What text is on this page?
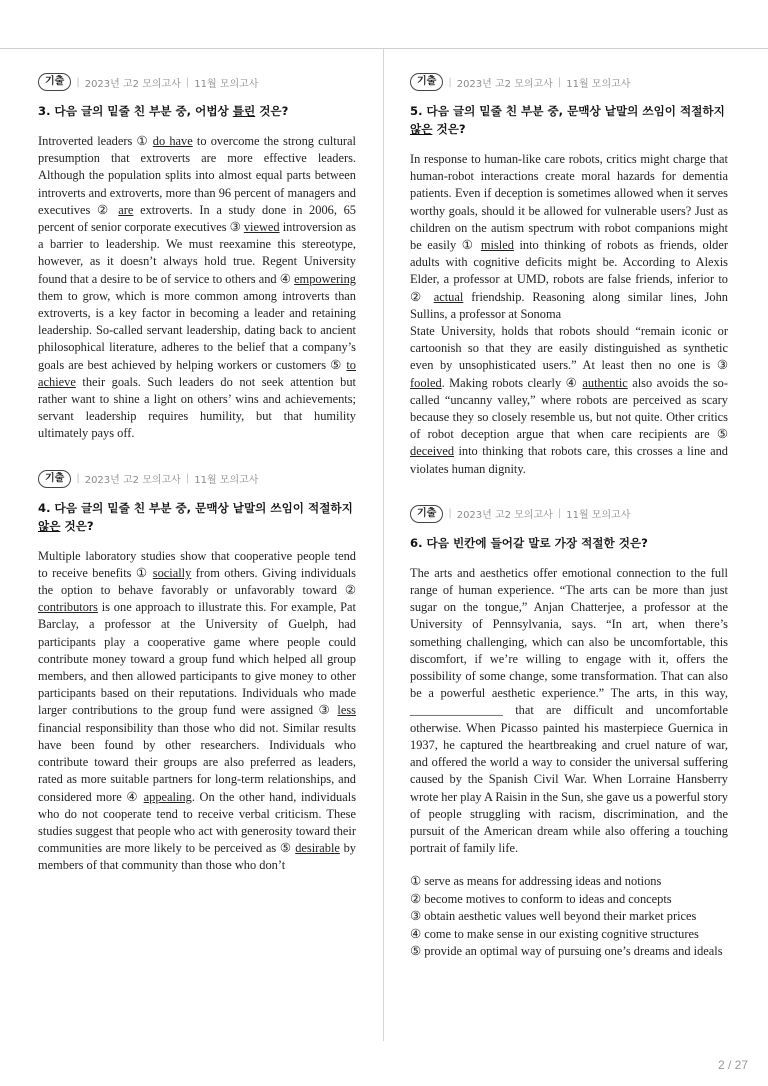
기출	| 2023년 고2 모의고사 | 11월 모의고사
3. 다음 글의 밑줄 친 부분 중, 어법상 틀린 것은?

Introverted leaders ① do have to overcome the strong cultural presumption that extroverts are more effective leaders. Although the population splits into almost equal parts between introverts and extroverts, more than 96 percent of managers and executives ② are extroverts. In a study done in 2006, 65 percent of senior corporate executives ③ viewed introversion as a barrier to leadership. We must reexamine this stereotype, however, as it doesn’t always hold true. Regent University found that a desire to be of service to others and ④ empowering them to grow, which is more common among introverts than extroverts, is a key factor in becoming a leader and retaining leadership. So-called servant leadership, dating back to ancient philosophical literature, adheres to the belief that a company’s goals are best achieved by helping workers or customers ⑤ to achieve their goals. Such leaders do not seek attention but rather want to shine a light on others’ wins and achievements; servant leadership requires humility, but that humility ultimately pays off.

기출	| 2023년 고2 모의고사 | 11월 모의고사
4. 다음 글의 밑줄 친 부분 중, 문맥상 낱말의 쓰임이 적절하지 않은 것은?

Multiple laboratory studies show that cooperative people tend to receive benefits ① socially from others. Giving individuals the option to behave favorably or unfavorably toward ② contributors is one approach to illustrate this. For example, Pat Barclay, a professor at the University of Guelph, had participants play a cooperative game where people could contribute money toward a group fund which helped all group members, and then allowed participants to give money to other participants based on their reputations. Individuals who made larger contributions to the group fund were assigned ③ less financial responsibility than those who did not. Similar results have been found by other researchers. Individuals who contribute toward their groups are also preferred as leaders, rated as more suitable partners for long-term relationships, and considered more ④ appealing. On the other hand, individuals who do not cooperate tend to receive verbal criticism. These studies suggest that people who act with generosity toward their communities are more likely to be perceived as ⑤ desirable by members of that community than those who don’t

기출	| 2023년 고2 모의고사 | 11월 모의고사
5. 다음 글의 밑줄 친 부분 중, 문맥상 낱말의 쓰임이 적절하지 않은 것은?

In response to human-like care robots, critics might charge that human-robot interactions create moral hazards for dementia patients. Even if deception is sometimes allowed when it serves worthy goals, should it be allowed for vulnerable users? Just as children on the autism spectrum with robot companions might be easily ① misled into thinking of robots as friends, older adults with cognitive deficits might be. According to Alexis Elder, a professor at UMD, robots are false friends, inferior to ② actual friendship. Reasoning along similar lines, John Sullins, a professor at Sonoma
State University, holds that robots should “remain iconic or cartoonish so that they are easily distinguished as synthetic even by unsophisticated users.” At least then no one is ③ fooled. Making robots clearly ④ authentic also avoids the so-called “uncanny valley,” where robots are perceived as scary because they so closely resemble us, but not quite. Other critics of robot deception argue that when care recipients are ⑤ deceived into thinking that robots care, this crosses a line and violates human dignity.

기출	| 2023년 고2 모의고사 | 11월 모의고사
6. 다음 빈칸에 들어갈 말로 가장 적절한 것은?

The arts and aesthetics offer emotional connection to the full range of human experience. “The arts can be more than just sugar on the tongue,” Anjan Chatterjee, a professor at the University of Pennsylvania, says. “In art, when there’s something challenging, which can also be uncomfortable, this discomfort, if we’re willing to engage with it, offers the possibility of some change, some transformation. That can also be a powerful aesthetic experience.” The arts, in this way, _______________ that are difficult and uncomfortable otherwise. When Picasso painted his masterpiece Guernica in 1937, he captured the heartbreaking and cruel nature of war, and offered the world a way to consider the universal suffering caused by the Spanish Civil War. When Lorraine Hansberry wrote her play A Raisin in the Sun, she gave us a powerful story of people struggling with racism, discrimination, and the pursuit of the American dream while also offering a touching portrait of family life.

① serve as means for addressing ideas and notions
② become motives to conform to ideas and concepts
③ obtain aesthetic values well beyond their market prices
④ come to make sense in our existing cognitive structures
⑤ provide an optimal way of pursuing one’s dreams and ideals
2 / 27
